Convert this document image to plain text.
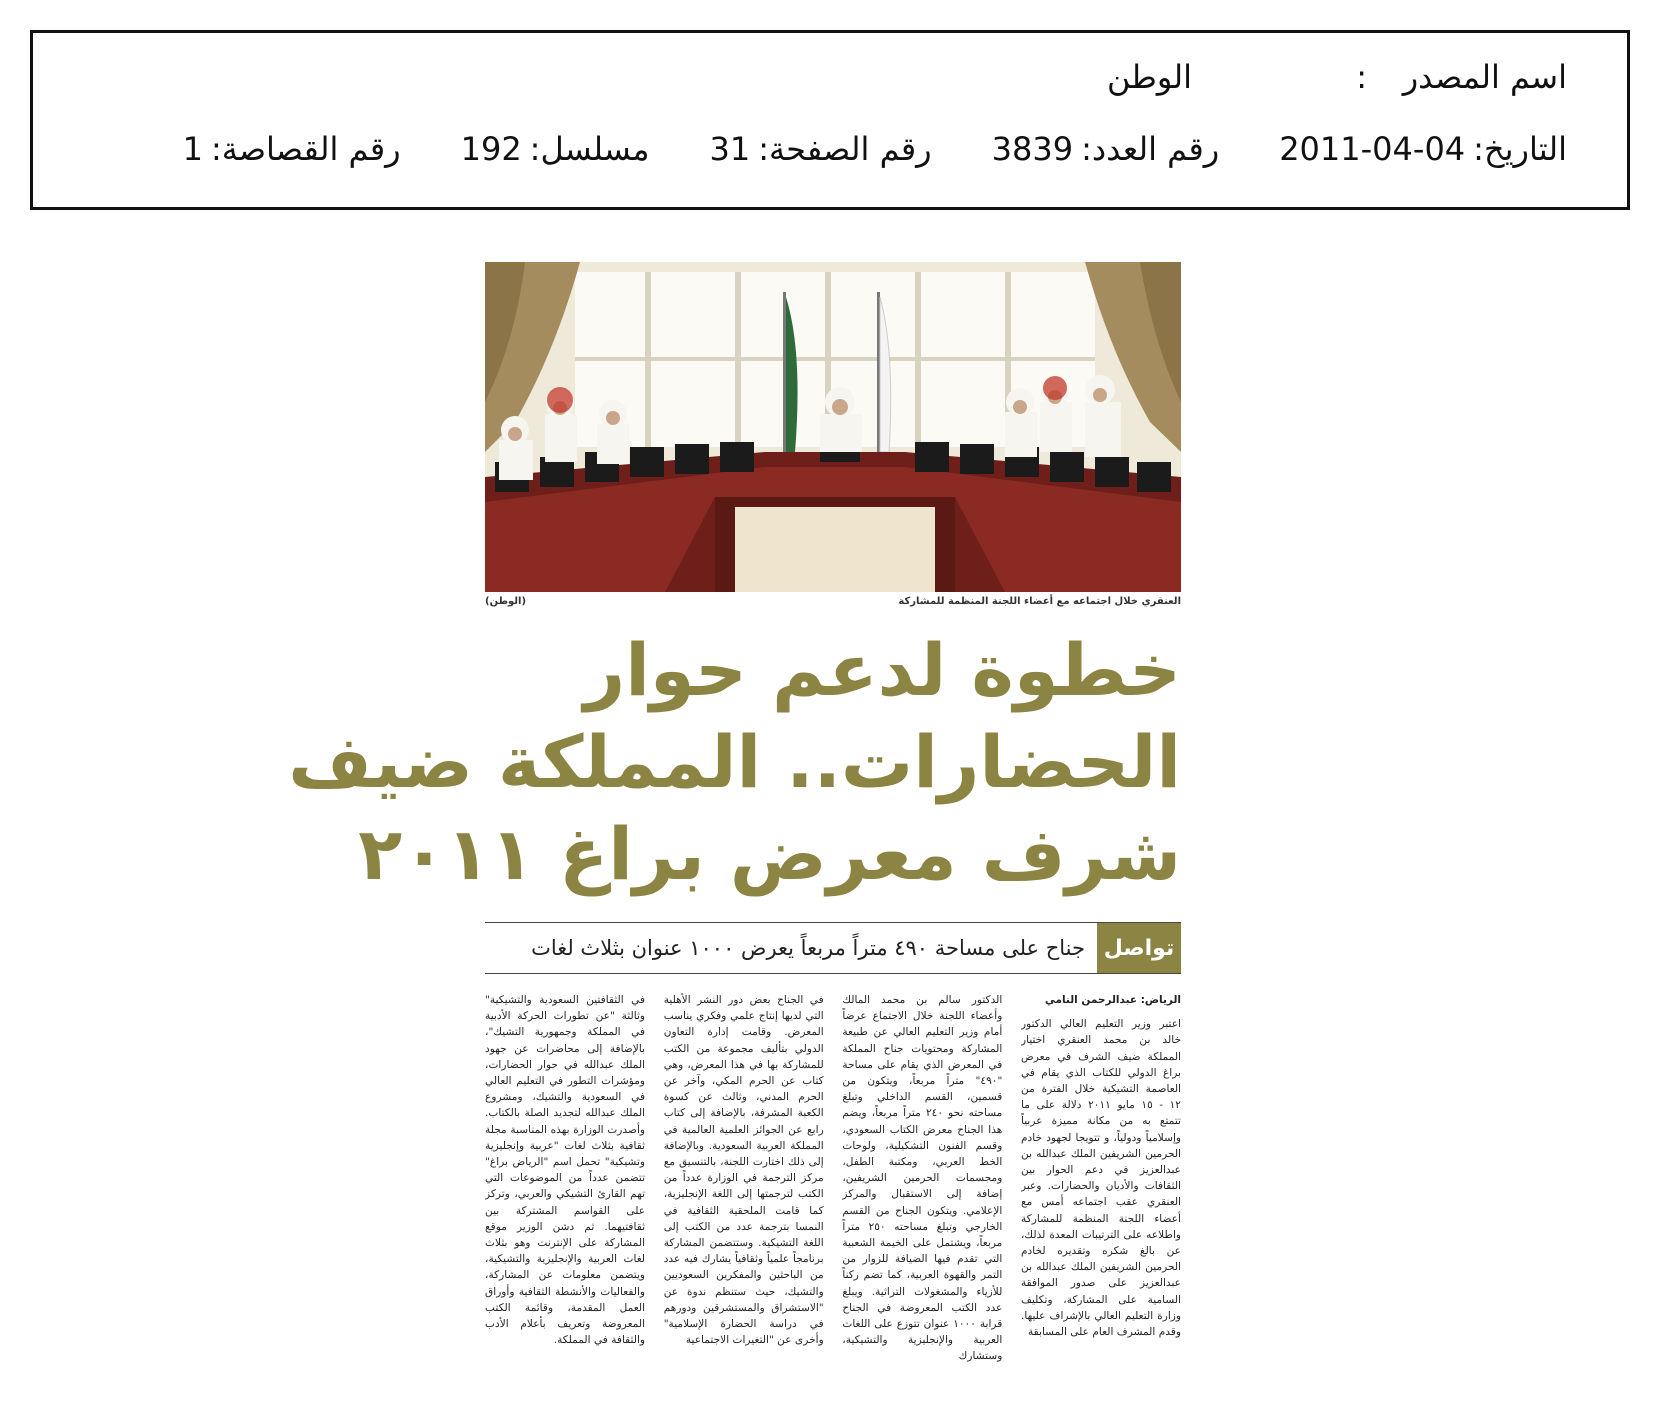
اسم المصدر
:
الوطن
التاريخ:
2011-04-04
رقم العدد:
3839
رقم الصفحة:
31
مسلسل:
192
رقم القصاصة:
1
العنقري خلال اجتماعه مع أعضاء اللجنة المنظمة للمشاركة
(الوطن)
خطوة لدعم حوار
الحضارات.. المملكة ضيف
شرف معرض براغ ٢٠١١
تواصل
جناح على مساحة ٤٩٠ متراً مربعاً يعرض ١٠٠٠ عنوان بثلاث لغات

الرياض: عبدالرحمن النامي

اعتبر وزير التعليم العالي الدكتور خالد بن محمد العنقري اختيار المملكة ضيف الشرف في معرض براغ الدولي للكتاب الذي يقام في العاصمة التشيكية خلال الفترة من ١٢ - ١٥ مايو ٢٠١١ دلالة على ما تتمتع به من مكانة مميزة عربياً وإسلامياً ودولياً، و تتويجا لجهود خادم الحرمين الشريفين الملك عبدالله بن عبدالعزيز في دعم الحوار بين الثقافات والأديان والحضارات. وعبر العنقري عقب اجتماعه أمس مع أعضاء اللجنة المنظمة للمشاركة واطلاعه على الترتيبات المعدة لذلك، عن بالغ شكره وتقديره لخادم الحرمين الشريفين الملك عبدالله بن عبدالعزيز على صدور الموافقة السامية على المشاركة، وتكليف وزارة التعليم العالي بالإشراف عليها. وقدم المشرف العام على المسابقة

الدكتور سالم بن محمد المالك وأعضاء اللجنة خلال الاجتماع عرضاً أمام وزير التعليم العالي عن طبيعة المشاركة ومحتويات جناح المملكة في المعرض الذي يقام على مساحة "٤٩٠" متراً مربعاً، ويتكون من قسمين، القسم الداخلي وتبلغ مساحته نحو ٢٤٠ متراً مربعاً، ويضم هذا الجناح معرض الكتاب السعودي، وقسم الفنون التشكيلية، ولوحات الخط العربي، ومكتبة الطفل، ومجسمات الحرمين الشريفين، إضافة إلى الاستقبال والمركز الإعلامي. ويتكون الجناح من القسم الخارجي وتبلغ مساحته ٢٥٠ متراً مربعاً، ويشتمل على الخيمة الشعبية التي تقدم فيها الضيافة للزوار من التمر والقهوة العربية، كما تضم ركناً للأزياء والمشغولات التراثية. ويبلغ عدد الكتب المعروضة في الجناح قرابة ١٠٠٠ عنوان تتوزع على اللغات العربية والإنجليزية والتشيكية، وستشارك

في الجناح بعض دور النشر الأهلية التي لديها إنتاج علمي وفكري يناسب المعرض. وقامت إدارة التعاون الدولي بتأليف مجموعة من الكتب للمشاركة بها في هذا المعرض، وهي كتاب عن الحرم المكي، وآخر عن الحرم المدني، وثالث عن كسوة الكعبة المشرفة، بالإضافة إلى كتاب رابع عن الجوائز العلمية العالمية في المملكة العربية السعودية. وبالإضافة إلى ذلك اختارت اللجنة، بالتنسيق مع مركز الترجمة في الوزارة عدداً من الكتب لترجمتها إلى اللغة الإنجليزية، كما قامت الملحقية الثقافية في النمسا بترجمة عدد من الكتب إلى اللغة التشيكية. وستتضمن المشاركة برنامجاً علمياً وثقافياً يشارك فيه عدد من الباحثين والمفكرين السعوديين والتشيك، حيث ستنظم ندوة عن "الاستشراق والمستشرقين ودورهم في دراسة الحضارة الإسلامية" وأخرى عن "التغيرات الاجتماعية

في الثقافتين السعودية والتشيكية" وثالثة "عن تطورات الحركة الأدبية في المملكة وجمهورية التشيك"، بالإضافة إلى محاضرات عن جهود الملك عبدالله في حوار الحضارات، ومؤشرات التطور في التعليم العالي في السعودية والتشيك، ومشروع الملك عبدالله لتجديد الصلة بالكتاب. وأصدرت الوزارة بهذه المناسبة مجلة ثقافية بثلاث لغات "عربية وإنجليزية وتشيكية" تحمل اسم "الرياض براغ" تتضمن عدداً من الموضوعات التي تهم القارئ التشيكي والعربي، وتركز على القواسم المشتركة بين ثقافتيهما. ثم دشن الوزير موقع المشاركة على الإنترنت وهو بثلاث لغات العربية والإنجليزية والتشيكية، ويتضمن معلومات عن المشاركة، والفعاليات والأنشطة الثقافية وأوراق العمل المقدمة، وقائمة الكتب المعروضة وتعريف بأعلام الأدب والثقافة في المملكة.
